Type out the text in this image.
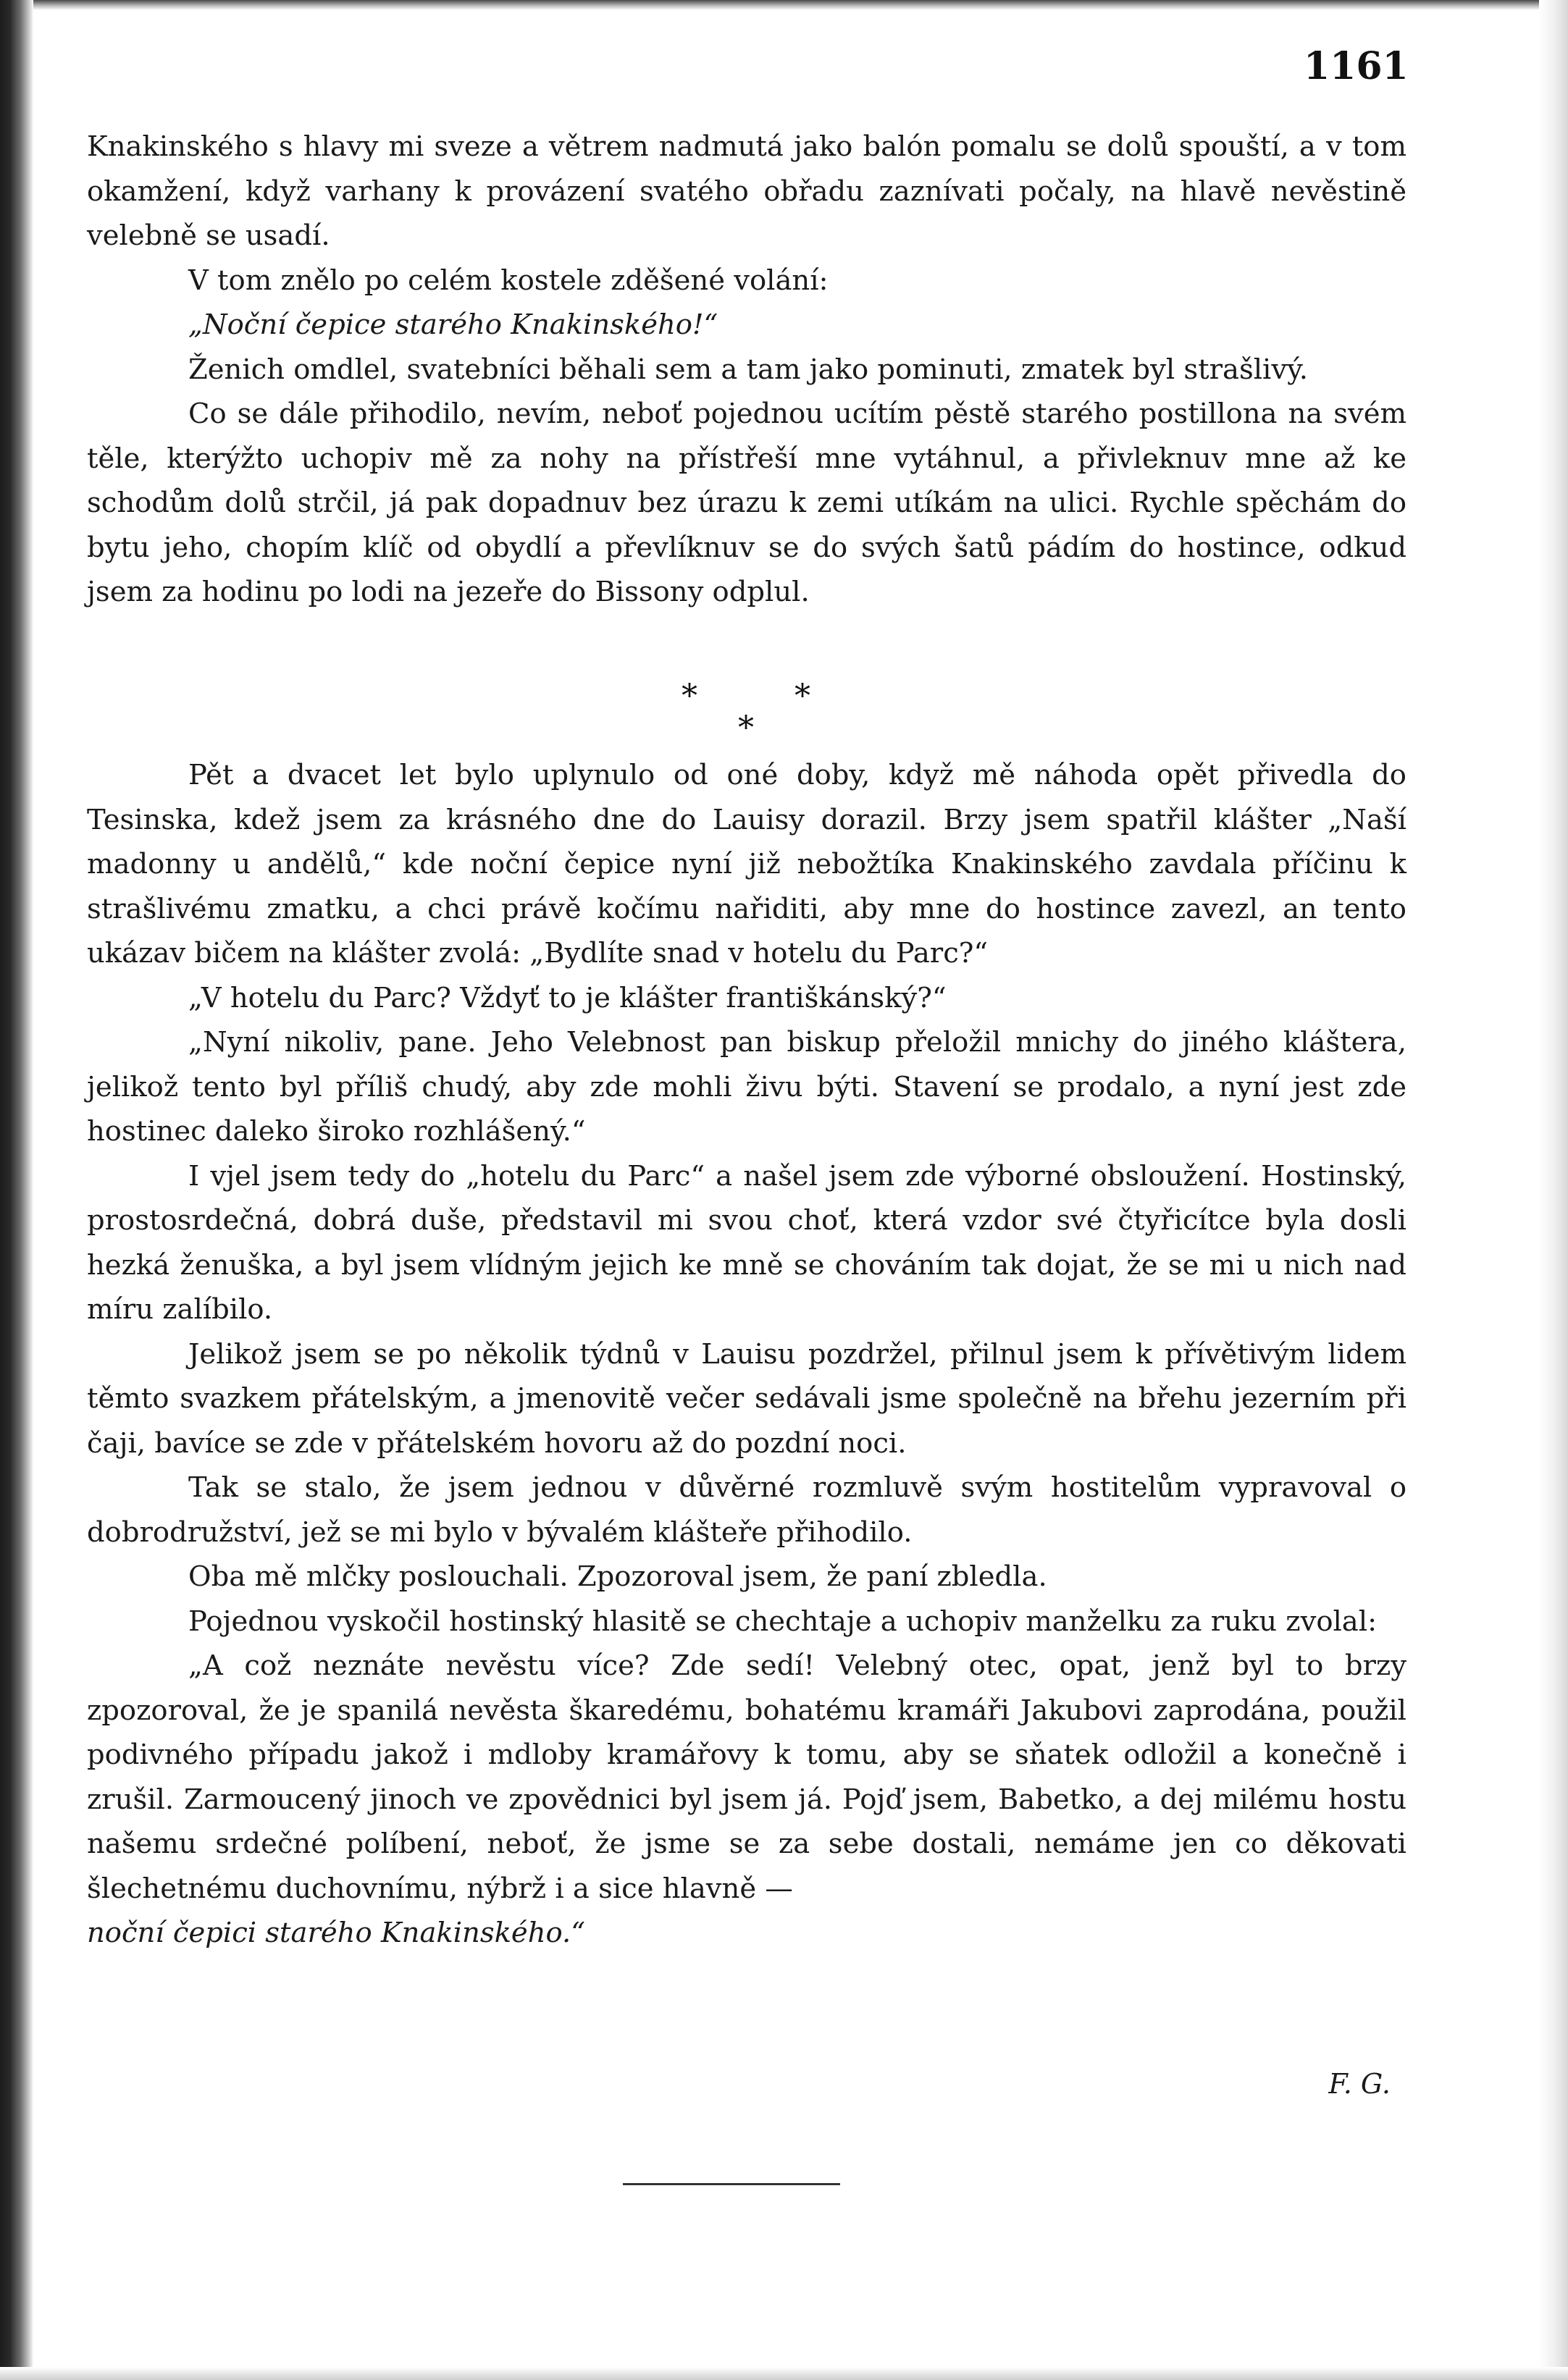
1161

Knakinského s hlavy mi sveze a větrem nadmutá jako balón pomalu se dolů spouští, a v tom okamžení, když varhany k provázení svatého obřadu zaznívati počaly, na hlavě nevěstině velebně se usadí.

V tom znělo po celém kostele zděšené volání:

„Noční čepice starého Knakinského!“

Ženich omdlel, svatebníci běhali sem a tam jako pominuti, zmatek byl strašlivý.

Co se dále přihodilo, nevím, neboť pojednou ucítím pěstě starého postillona na svém těle, kterýžto uchopiv mě za nohy na přístřeší mne vytáhnul, a přivleknuv mne až ke schodům dolů strčil, já pak dopadnuv bez úrazu k zemi utíkám na ulici. Rychle spěchám do bytu jeho, chopím klíč od obydlí a převlíknuv se do svých šatů pádím do hostince, odkud jsem za hodinu po lodi na jezeře do Bissony odplul.

* * *

Pět a dvacet let bylo uplynulo od oné doby, když mě náhoda opět přivedla do Tesinska, kdež jsem za krásného dne do Lauisy dorazil. Brzy jsem spatřil klášter „Naší madonny u andělů,“ kde noční čepice nyní již nebožtíka Knakinského zavdala příčinu k strašlivému zmatku, a chci právě kočímu nařiditi, aby mne do hostince zavezl, an tento ukázav bičem na klášter zvolá: „Bydlíte snad v hotelu du Parc?“

„V hotelu du Parc? Vždyť to je klášter františkánský?“

„Nyní nikoliv, pane. Jeho Velebnost pan biskup přeložil mnichy do jiného kláštera, jelikož tento byl příliš chudý, aby zde mohli živu býti. Stavení se prodalo, a nyní jest zde hostinec daleko široko rozhlášený.“

I vjel jsem tedy do „hotelu du Parc“ a našel jsem zde výborné obsloužení. Hostinský, prostosrdečná, dobrá duše, představil mi svou choť, která vzdor své čtyřicítce byla dosli hezká ženuška, a byl jsem vlídným jejich ke mně se chováním tak dojat, že se mi u nich nad míru zalíbilo.

Jelikož jsem se po několik týdnů v Lauisu pozdržel, přilnul jsem k přívětivým lidem těmto svazkem přátelským, a jmenovitě večer sedávali jsme společně na břehu jezerním při čaji, bavíce se zde v přátelském hovoru až do pozdní noci.

Tak se stalo, že jsem jednou v důvěrné rozmluvě svým hostitelům vypravoval o dobrodružství, jež se mi bylo v bývalém klášteře přihodilo.

Oba mě mlčky poslouchali. Zpozoroval jsem, že paní zbledla.

Pojednou vyskočil hostinský hlasitě se chechtaje a uchopiv manželku za ruku zvolal:

„A což neznáte nevěstu více? Zde sedí! Velebný otec, opat, jenž byl to brzy zpozoroval, že je spanilá nevěsta škaredému, bohatému kramáři Jakubovi zaprodána, použil podivného případu jakož i mdloby kramářovy k tomu, aby se sňatek odložil a konečně i zrušil. Zarmoucený jinoch ve zpovědnici byl jsem já. Pojď jsem, Babetko, a dej milému hostu našemu srdečné políbení, neboť, že jsme se za sebe dostali, nemáme jen co děkovati šlechetnému duchovnímu, nýbrž i a sice hlavně —

noční čepici starého Knakinského.“

F. G.
